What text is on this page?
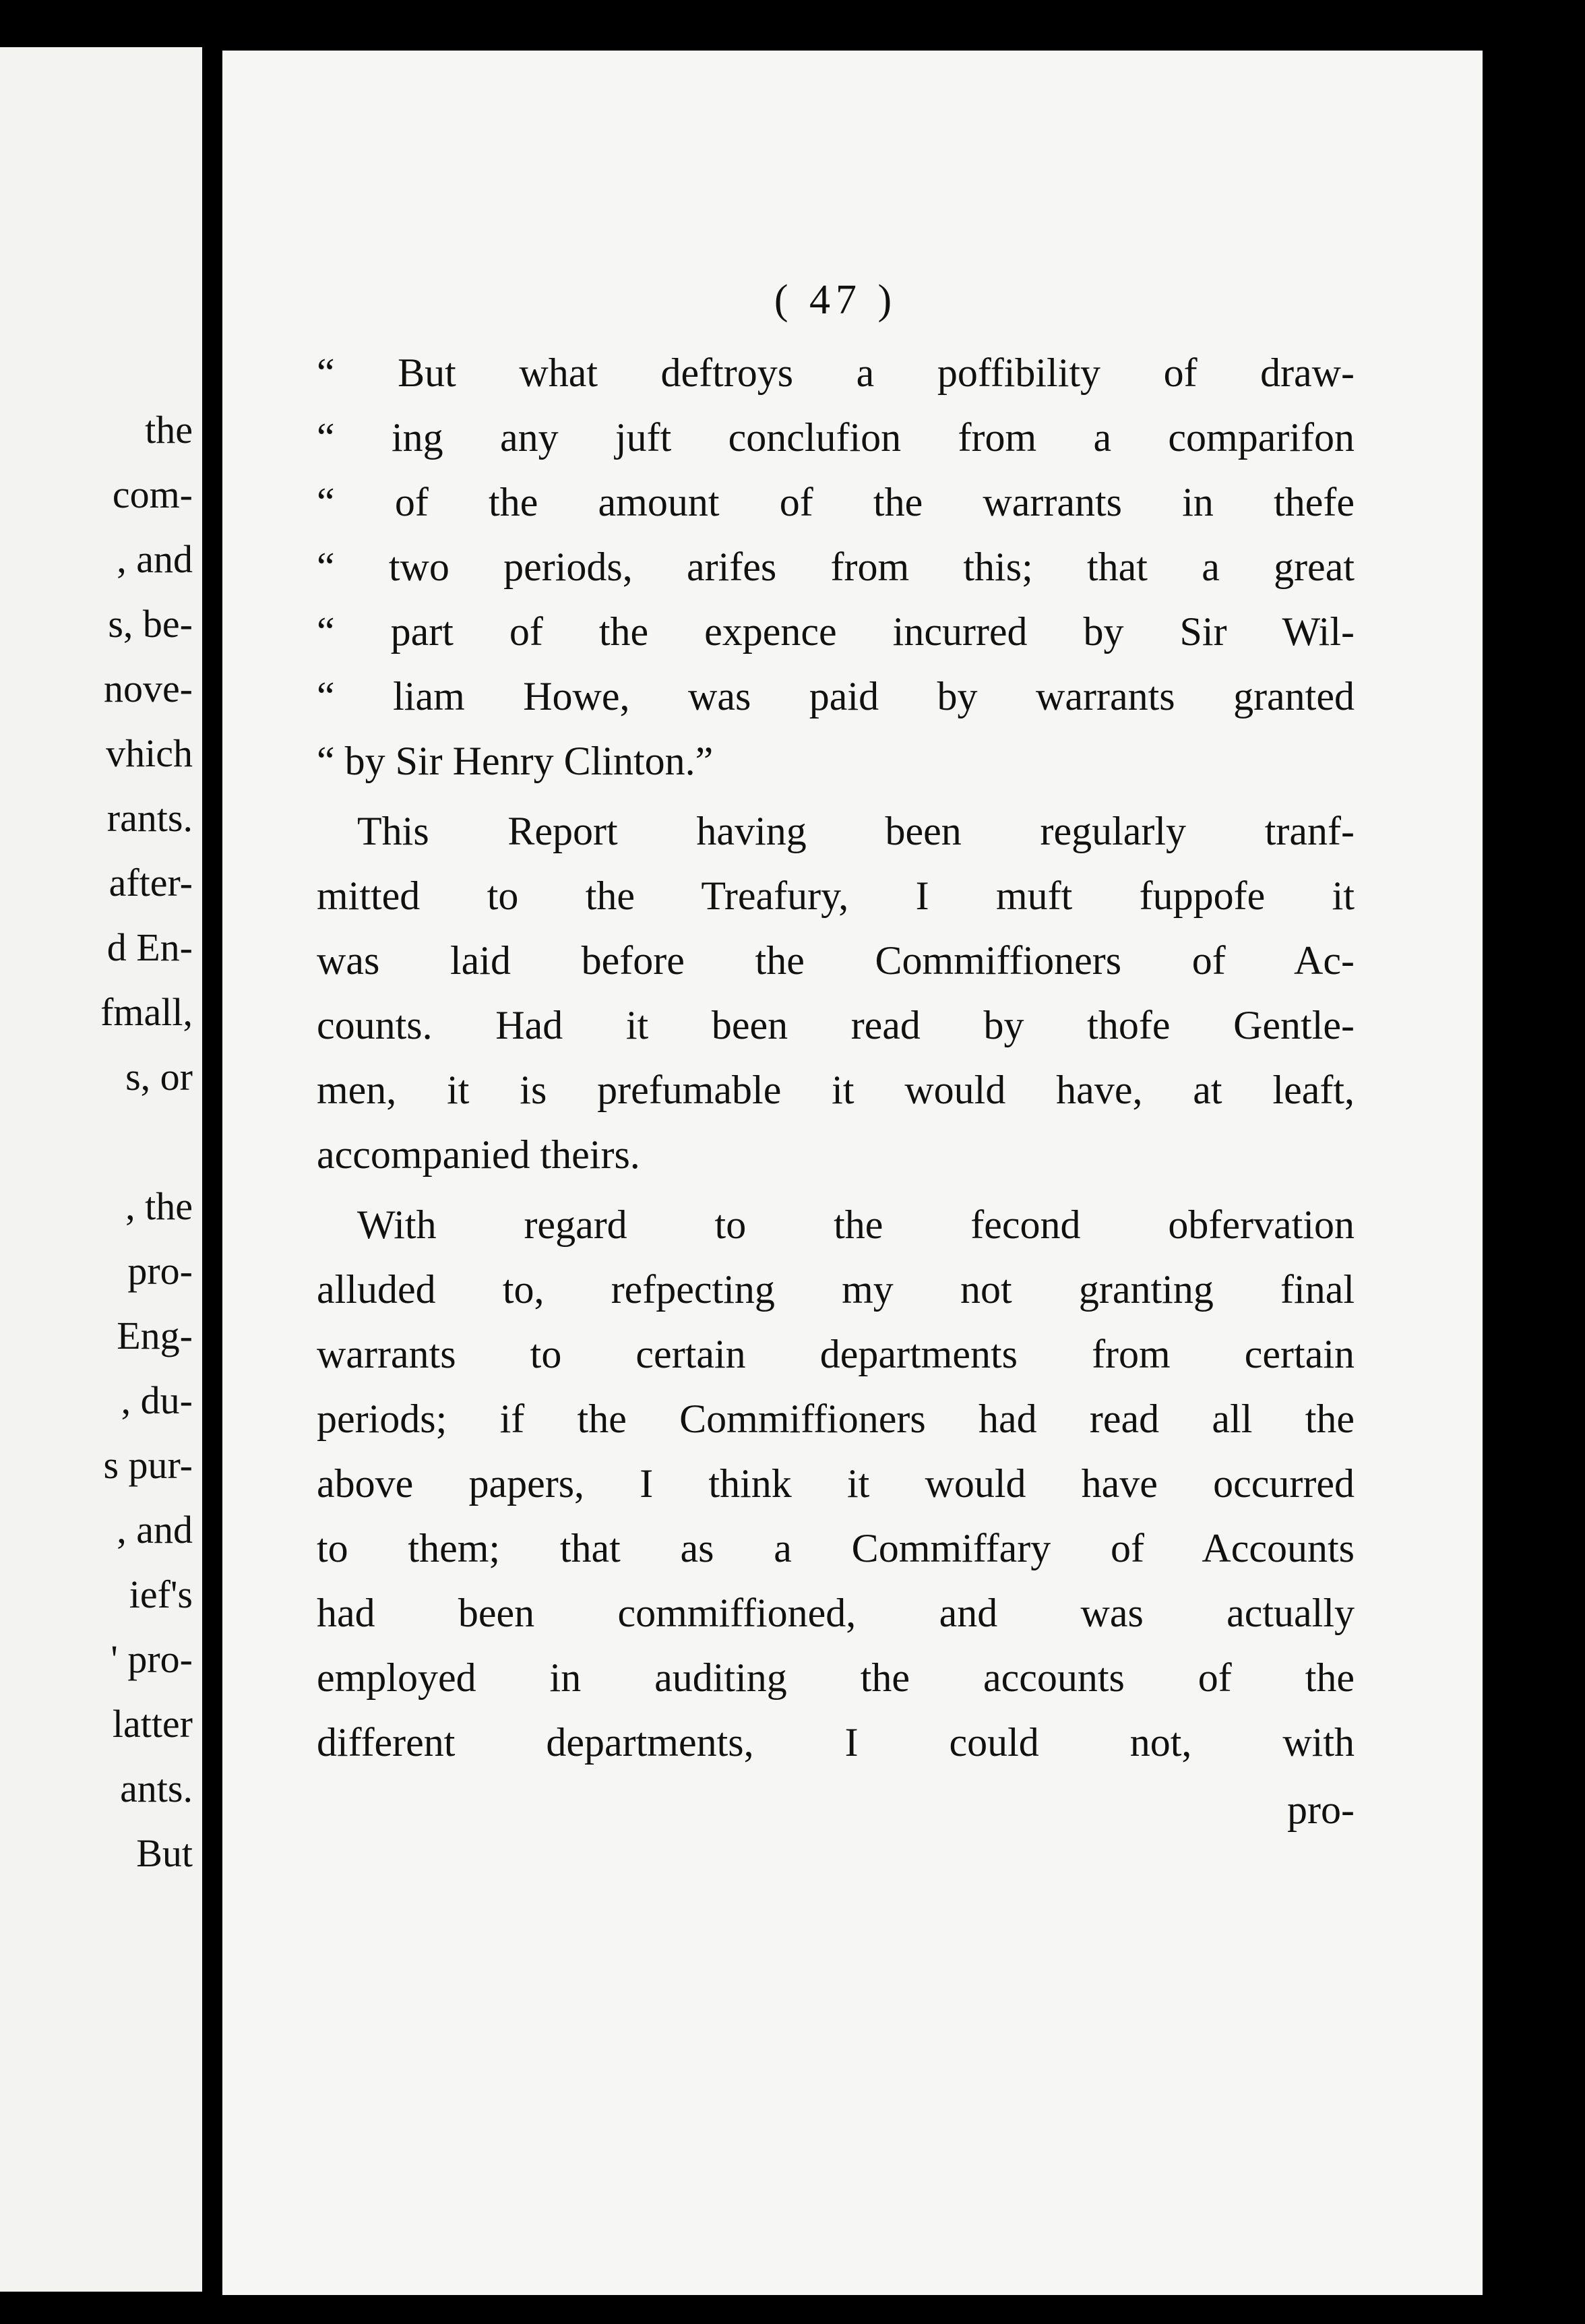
the
com-
, and
s, be-
nove-
vhich
rants.
after-
d En-
fmall,
s, or

, the
pro-
Eng-
, du-
s pur-
, and
ief's
' pro-
latter
ants.
But
( 47 )
“ But what deftroys a poffibility of draw-
“ ing any juft conclufion from a comparifon
“ of the amount of the warrants in thefe
“ two periods, arifes from this; that a great
“ part of the expence incurred by Sir Wil-
“ liam Howe, was paid by warrants granted
“ by Sir Henry Clinton.”
This Report having been regularly tranf-
mitted to the Treafury, I muft fuppofe it
was laid before the Commiffioners of Ac-
counts. Had it been read by thofe Gentle-
men, it is prefumable it would have, at leaft,
accompanied theirs.
With regard to the fecond obfervation
alluded to, refpecting my not granting final
warrants to certain departments from certain
periods; if the Commiffioners had read all the
above papers, I think it would have occurred
to them; that as a Commiffary of Accounts
had been commiffioned, and was actually
employed in auditing the accounts of the
different departments, I could not, with
pro-
